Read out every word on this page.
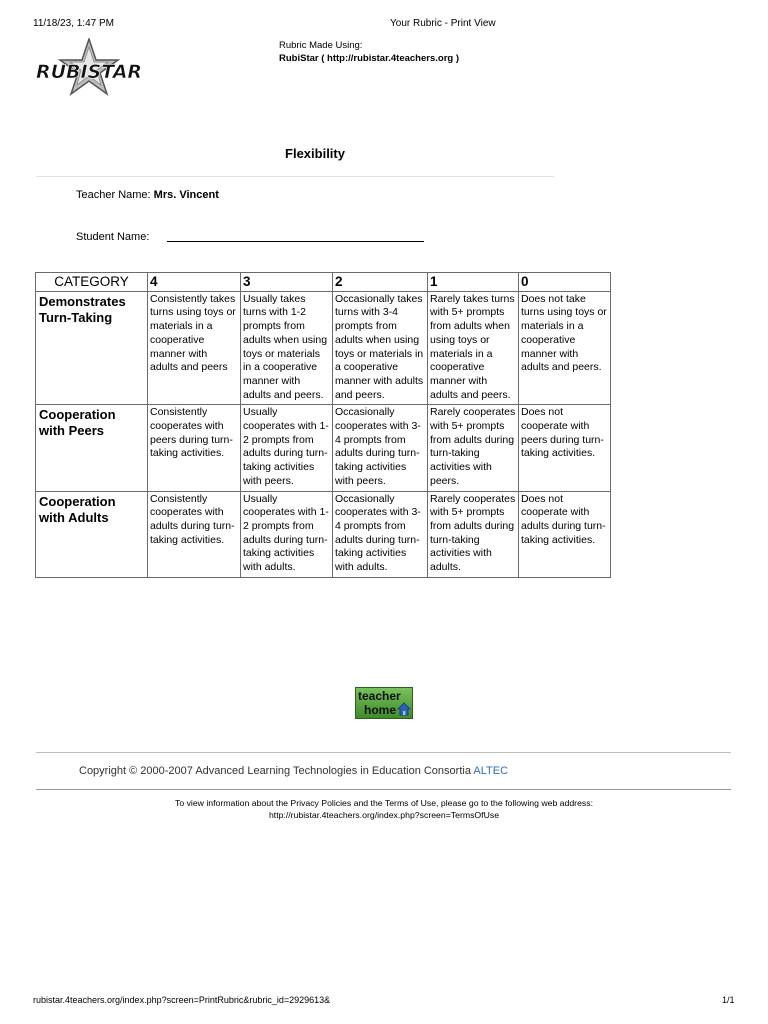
11/18/23, 1:47 PM	Your Rubric - Print View
RUBISTAR
Rubric Made Using:
RubiStar ( http://rubistar.4teachers.org )
Flexibility
Teacher Name: Mrs. Vincent
Student Name:
CATEGORY	4	3	2	1	0
Demonstrates Turn-Taking	Consistently takes turns using toys or materials in a cooperative manner with adults and peers	Usually takes turns with 1-2 prompts from adults when using toys or materials in a cooperative manner with adults and peers.	Occasionally takes turns with 3-4 prompts from adults when using toys or materials in a cooperative manner with adults and peers.	Rarely takes turns with 5+ prompts from adults when using toys or materials in a cooperative manner with adults and peers.	Does not take turns using toys or materials in a cooperative manner with adults and peers.
Cooperation with Peers	Consistently cooperates with peers during turn-taking activities.	Usually cooperates with 1-2 prompts from adults during turn-taking activities with peers.	Occasionally cooperates with 3-4 prompts from adults during turn-taking activities with peers.	Rarely cooperates with 5+ prompts from adults during turn-taking activities with peers.	Does not cooperate with peers during turn-taking activities.
Cooperation with Adults	Consistently cooperates with adults during turn-taking activities.	Usually cooperates with 1-2 prompts from adults during turn-taking activities with adults.	Occasionally cooperates with 3-4 prompts from adults during turn-taking activities with adults.	Rarely cooperates with 5+ prompts from adults during turn-taking activities with adults.	Does not cooperate with adults during turn-taking activities.
teacher
home
Copyright © 2000-2007 Advanced Learning Technologies in Education Consortia ALTEC
To view information about the Privacy Policies and the Terms of Use, please go to the following web address:
http://rubistar.4teachers.org/index.php?screen=TermsOfUse
rubistar.4teachers.org/index.php?screen=PrintRubric&rubric_id=2929613&	1/1
